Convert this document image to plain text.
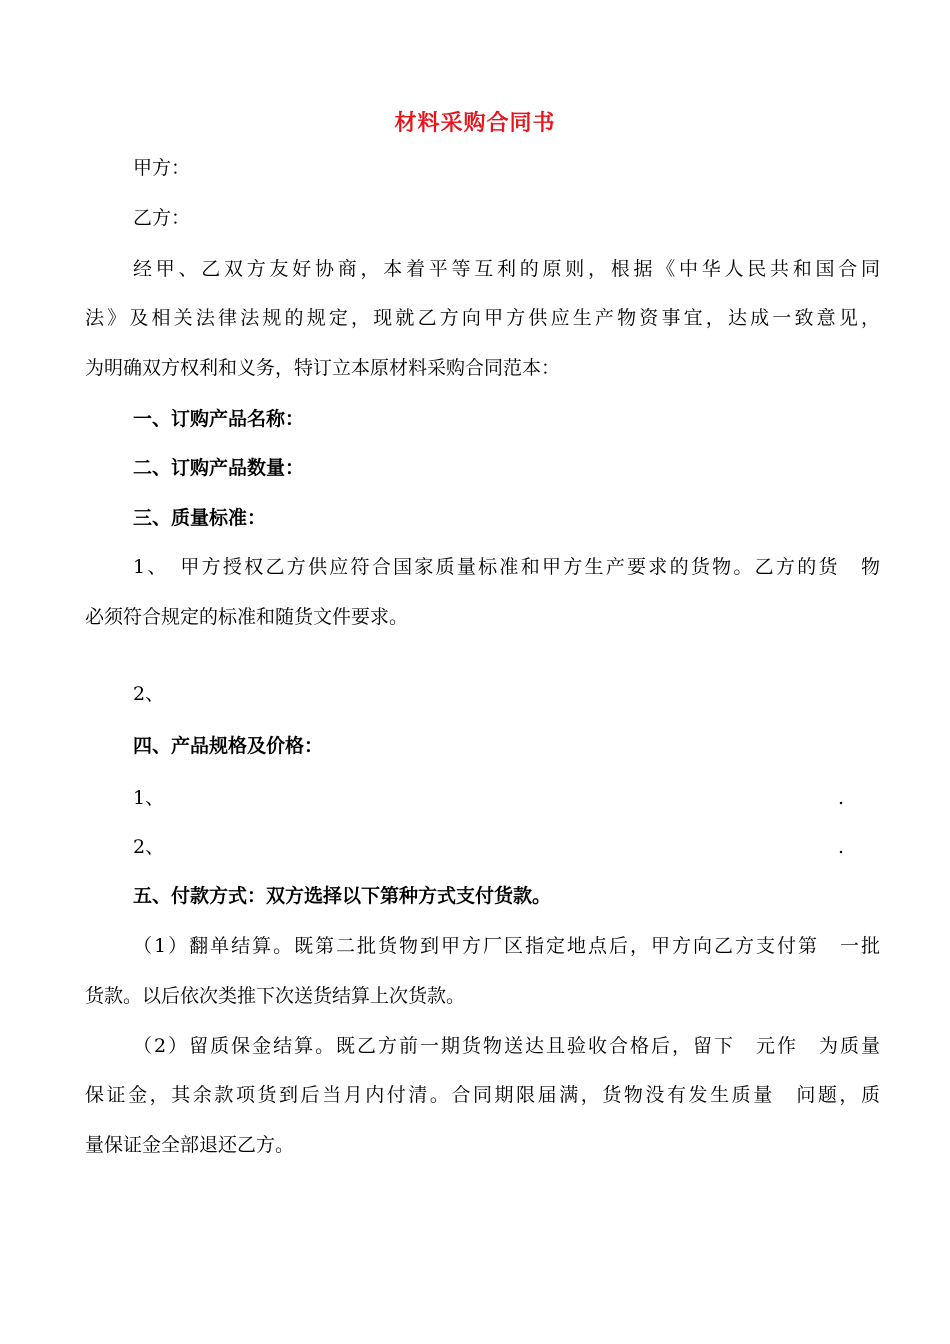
材料采购合同书
甲方：
乙方：
经甲、乙双方友好协商，本着平等互利的原则，根据《中华人民共和国合同
法》及相关法律法规的规定，现就乙方向甲方供应生产物资事宜，达成一致意见，
为明确双方权利和义务，特订立本原材料采购合同范本：
一、订购产品名称：
二、订购产品数量：
三、质量标准：
1、　甲方授权乙方供应符合国家质量标准和甲方生产要求的货物。乙方的货　物
必须符合规定的标准和随货文件要求。
2、
四、产品规格及价格：
1、	.
2、	.
五、付款方式：双方选择以下第种方式支付货款。
（1）翻单结算。既第二批货物到甲方厂区指定地点后，甲方向乙方支付第　一批
货款。以后依次类推下次送货结算上次货款。
（2）留质保金结算。既乙方前一期货物送达且验收合格后，留下　元作　为质量
保证金，其余款项货到后当月内付清。合同期限届满，货物没有发生质量　问题，质
量保证金全部退还乙方。
